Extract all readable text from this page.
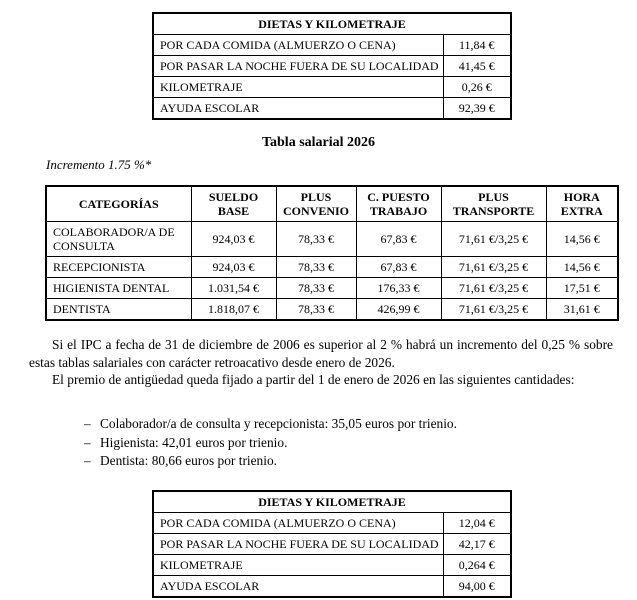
DIETAS Y KILOMETRAJE	
POR CADA COMIDA (ALMUERZO O CENA)	11,84 €
POR PASAR LA NOCHE FUERA DE SU LOCALIDAD	41,45 €
KILOMETRAJE	0,26 €
AYUDA ESCOLAR	92,39 €
Tabla salarial 2026
Incremento 1.75 %*
CATEGORÍAS	SUELDO BASE	PLUS CONVENIO	C. PUESTO TRABAJO	PLUS TRANSPORTE	HORA EXTRA
COLABORADOR/A DE CONSULTA	924,03 €	78,33 €	67,83 €	71,61 €/3,25 €	14,56 €
RECEPCIONISTA	924,03 €	78,33 €	67,83 €	71,61 €/3,25 €	14,56 €
HIGIENISTA DENTAL	1.031,54 €	78,33 €	176,33 €	71,61 €/3,25 €	17,51 €
DENTISTA	1.818,07 €	78,33 €	426,99 €	71,61 €/3,25 €	31,61 €

Si el IPC a fecha de 31 de diciembre de 2006 es superior al 2 % habrá un incremento del 0,25 % sobre estas tablas salariales con carácter retroacativo desde enero de 2026.

El premio de antigüedad queda fijado a partir del 1 de enero de 2026 en las siguientes cantidades:

– Colaborador/a de consulta y recepcionista: 35,05 euros por trienio.
– Higienista: 42,01 euros por trienio.
– Dentista: 80,66 euros por trienio.
DIETAS Y KILOMETRAJE	
POR CADA COMIDA (ALMUERZO O CENA)	12,04 €
POR PASAR LA NOCHE FUERA DE SU LOCALIDAD	42,17 €
KILOMETRAJE	0,264 €
AYUDA ESCOLAR	94,00 €
